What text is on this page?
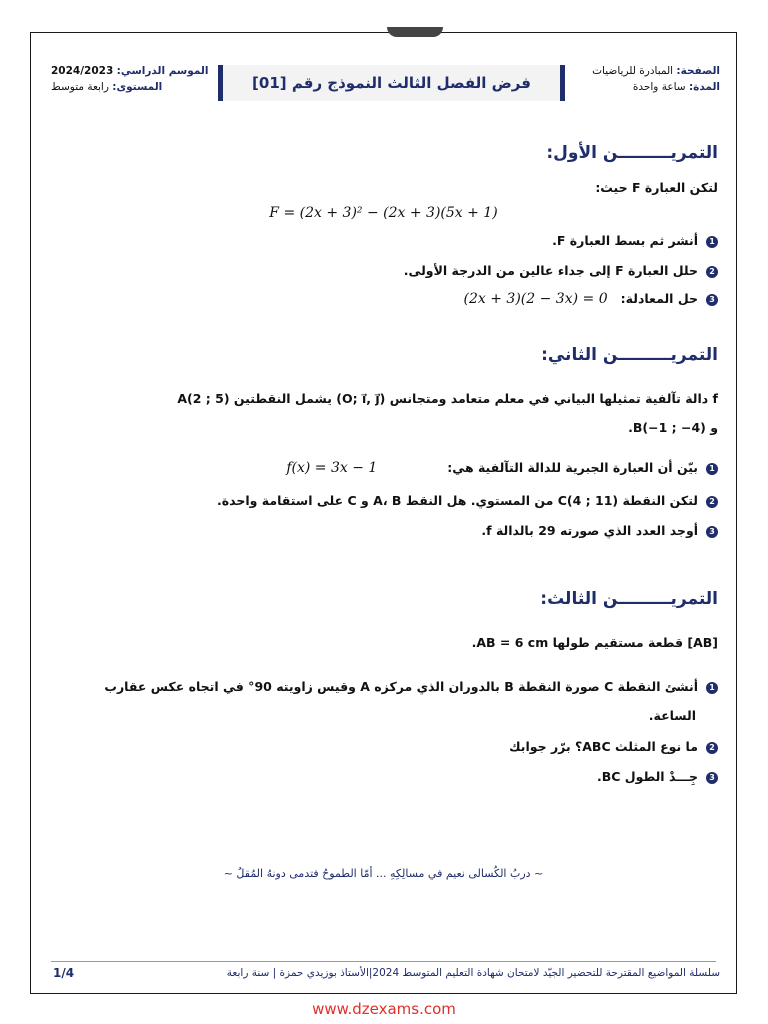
الصفحة: المبادرة للرياضيات
المدة: ساعة واحدة
فرض الفصل الثالث النموذج رقم [01]
الموسم الدراسي: 2024/2023
المستوى: رابعة متوسط
التمريـــــــــن الأول:
لتكن العبارة F حيث:
F = (2x + 3)² − (2x + 3)(5x + 1)
1أنشر ثم بسط العبارة F.
2حلل العبارة F إلى جداء عالين من الدرجة الأولى.
3حل المعادلة:   (2x + 3)(2 − 3x) = 0
التمريـــــــــن الثاني:
f دالة تآلفية تمثيلها البياني في معلم متعامد ومتجانس (O; i⃗, j⃗) يشمل النقطتين A(2 ; 5)
و B(−1 ; −4).
1بيّن أن العبارة الجبرية للدالة التآلفية هي:f(x) = 3x − 1
2لتكن النقطة C(4 ; 11) من المستوي. هل النقط A، B و C على استقامة واحدة.
3أوجد العدد الذي صورته 29 بالدالة f.
التمريـــــــــن الثالث:
[AB] قطعة مستقيم طولها AB = 6 cm.
1أنشئ النقطة C صورة النقطة B بالدوران الذي مركزه A وقيس زاويته 90° في اتجاه عكس عقارب
الساعة.
2ما نوع المثلث ABC؟ برّر جوابك
3جِـــدْ الطول BC.
~ دربُ الكُسالى نعيم في مسالِكِهِ ... أمّا الطموحُ فتدمى دونهُ المُقلُ ~
سلسلة المواضيع المقترحة للتحضير الجيّد لامتحان شهادة التعليم المتوسط 2024|الأستاذ بوزيدي حمزة | سنة رابعة
1/4
www.dzexams.com
